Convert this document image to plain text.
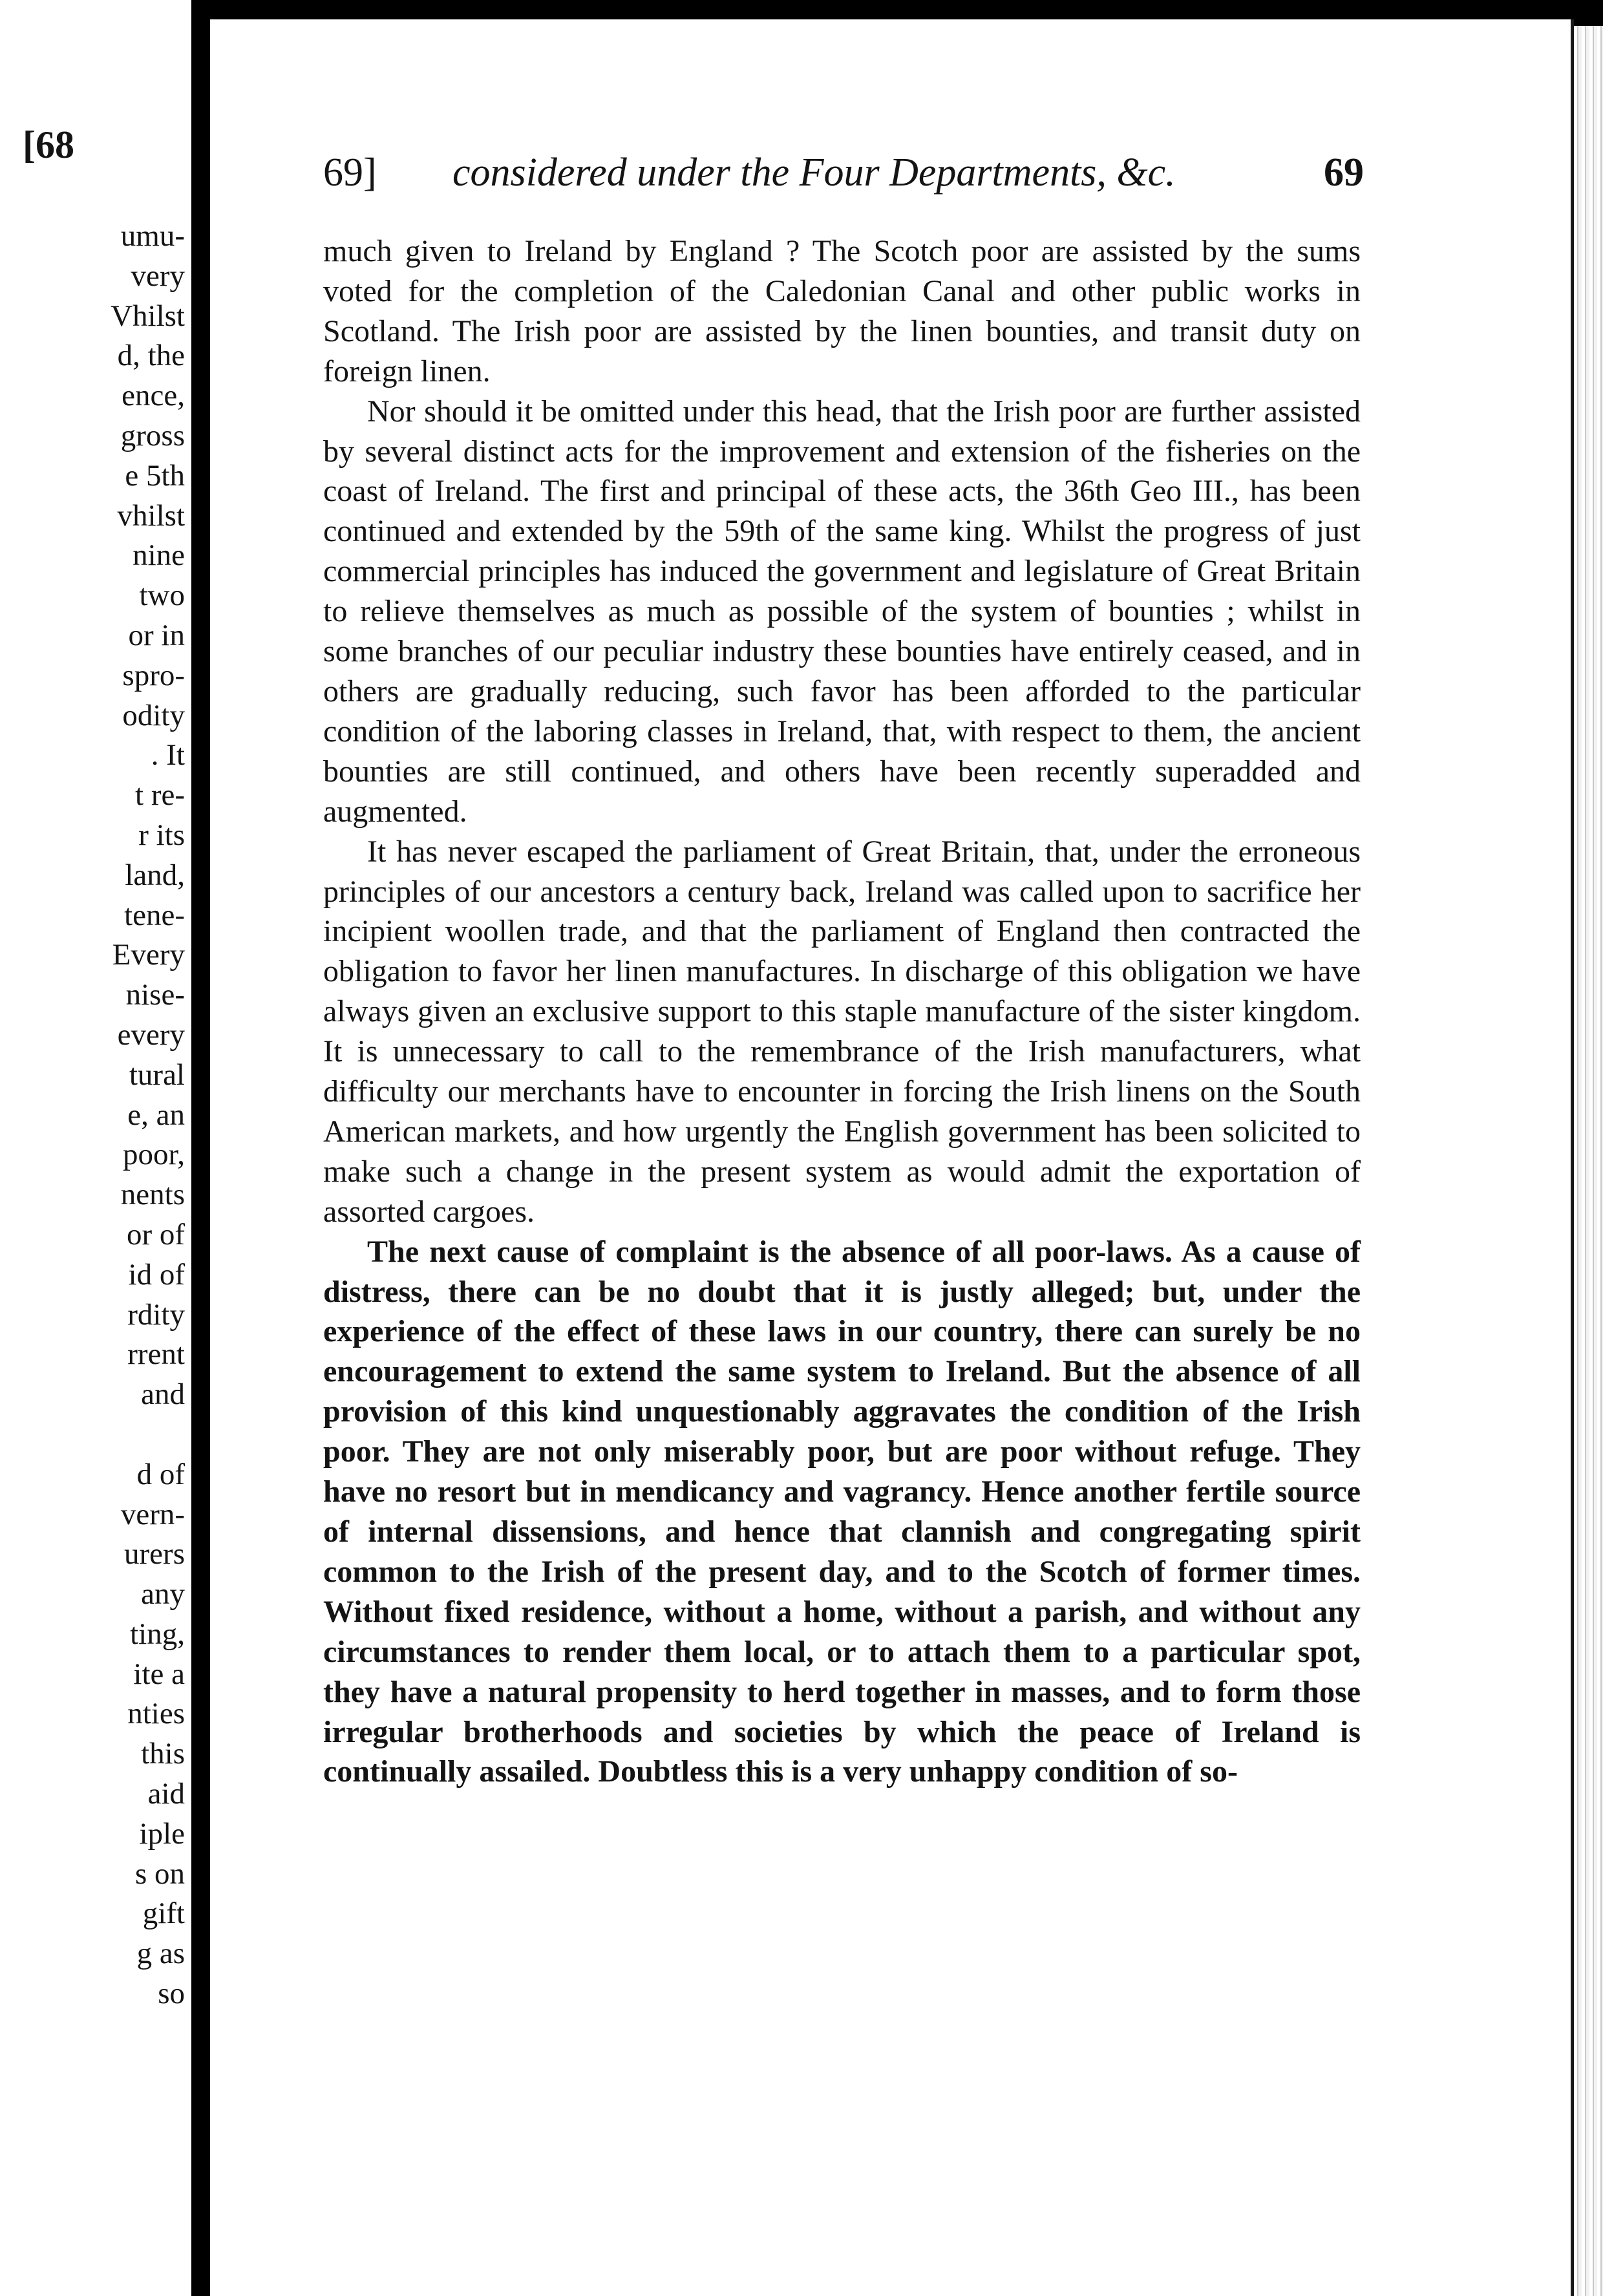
[68
umu-
very
Vhilst
d, the
ence,
gross
e 5th
vhilst
nine
two
or in
spro-
odity
. It
t re-
r its
land,
tene-
Every
nise-
every
tural
e, an
poor,
nents
or of
id of
rdity
rrent
and
d of
vern-
urers
any
ting,
ite a
nties
this
aid
iple
s on
gift
g as
so
69] considered under the Four Departments, &c.	69

much given to Ireland by England ? The Scotch poor are assisted by the sums voted for the completion of the Caledonian Canal and other public works in Scotland. The Irish poor are assisted by the linen bounties, and transit duty on foreign linen.

Nor should it be omitted under this head, that the Irish poor are further assisted by several distinct acts for the improvement and extension of the fisheries on the coast of Ireland. The first and principal of these acts, the 36th Geo III., has been continued and extended by the 59th of the same king. Whilst the progress of just commercial principles has induced the government and legislature of Great Britain to relieve themselves as much as possible of the system of bounties ; whilst in some branches of our peculiar industry these bounties have entirely ceased, and in others are gradually reducing, such favor has been afforded to the particular condition of the laboring classes in Ireland, that, with respect to them, the ancient bounties are still continued, and others have been recently superadded and augmented.

It has never escaped the parliament of Great Britain, that, under the erroneous principles of our ancestors a century back, Ireland was called upon to sacrifice her incipient woollen trade, and that the parliament of England then contracted the obligation to favor her linen manufactures. In discharge of this obligation we have always given an exclusive support to this staple manufacture of the sister kingdom. It is unnecessary to call to the remembrance of the Irish manufacturers, what difficulty our merchants have to encounter in forcing the Irish linens on the South American markets, and how urgently the English government has been solicited to make such a change in the present system as would admit the exportation of assorted cargoes.

The next cause of complaint is the absence of all poor-laws. As a cause of distress, there can be no doubt that it is justly alleged; but, under the experience of the effect of these laws in our country, there can surely be no encouragement to extend the same system to Ireland. But the absence of all provision of this kind unquestionably aggravates the condition of the Irish poor. They are not only miserably poor, but are poor without refuge. They have no resort but in mendicancy and vagrancy. Hence another fertile source of internal dissensions, and hence that clannish and congregating spirit common to the Irish of the present day, and to the Scotch of former times. Without fixed residence, without a home, without a parish, and without any circumstances to render them local, or to attach them to a particular spot, they have a natural propensity to herd together in masses, and to form those irregular brotherhoods and societies by which the peace of Ireland is continually assailed. Doubtless this is a very unhappy condition of so-
